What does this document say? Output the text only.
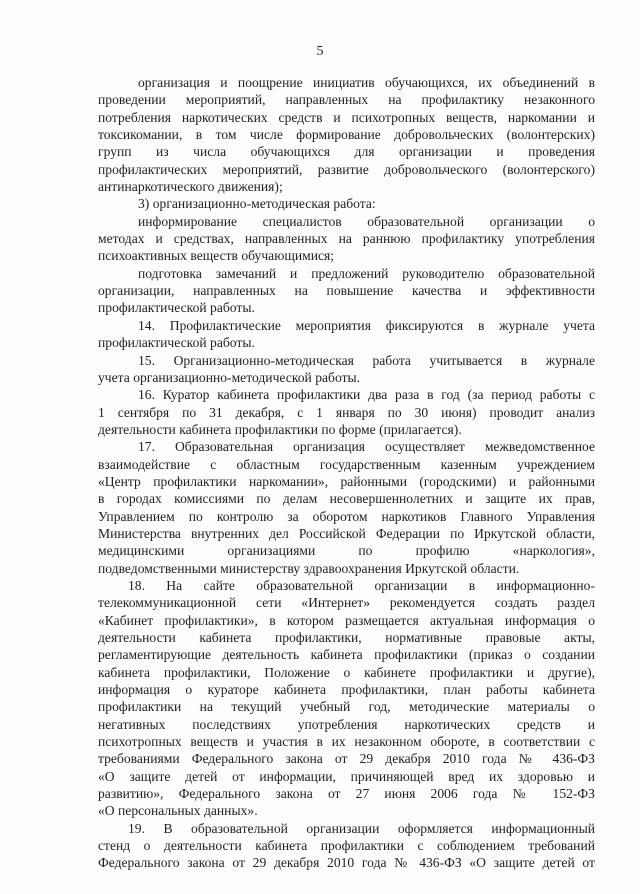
5
организация и поощрение инициатив обучающихся, их объединений в
проведении мероприятий, направленных на профилактику незаконного
потребления наркотических средств и психотропных веществ, наркомании и
токсикомании, в том числе формирование добровольческих (волонтерских)
групп из числа обучающихся для организации и проведения
профилактических мероприятий, развитие добровольческого (волонтерского)
антинаркотического движения);
3) организационно-методическая работа:
информирование специалистов образовательной организации о
методах и средствах, направленных на раннюю профилактику употребления
психоактивных веществ обучающимися;
подготовка замечаний и предложений руководителю образовательной
организации, направленных на повышение качества и эффективности
профилактической работы.
14. Профилактические мероприятия фиксируются в журнале учета
профилактической работы.
15. Организационно-методическая работа учитывается в журнале
учета организационно-методической работы.
16. Куратор кабинета профилактики два раза в год (за период работы с
1 сентября по 31 декабря, с 1 января по 30 июня) проводит анализ
деятельности кабинета профилактики по форме (прилагается).
17. Образовательная организация осуществляет межведомственное
взаимодействие с областным государственным казенным учреждением
«Центр профилактики наркомании», районными (городскими) и районными
в городах комиссиями по делам несовершеннолетних и защите их прав,
Управлением по контролю за оборотом наркотиков Главного Управления
Министерства внутренних дел Российской Федерации по Иркутской области,
медицинскими организациями по профилю «наркология»,
подведомственными министерству здравоохранения Иркутской области.
18. На сайте образовательной организации в информационно-
телекоммуникационной сети «Интернет» рекомендуется создать раздел
«Кабинет профилактики», в котором размещается актуальная информация о
деятельности кабинета профилактики, нормативные правовые акты,
регламентирующие деятельность кабинета профилактики (приказ о создании
кабинета профилактики, Положение о кабинете профилактики и другие),
информация о кураторе кабинета профилактики, план работы кабинета
профилактики на текущий учебный год, методические материалы о
негативных последствиях употребления наркотических средств и
психотропных веществ и участия в их незаконном обороте, в соответствии с
требованиями Федерального закона от 29 декабря 2010 года № 436-ФЗ
«О защите детей от информации, причиняющей вред их здоровью и
развитию», Федерального закона от 27 июня 2006 года № 152-ФЗ
«О персональных данных».
19. В образовательной организации оформляется информационный
стенд о деятельности кабинета профилактики с соблюдением требований
Федерального закона от 29 декабря 2010 года № 436-ФЗ «О защите детей от
